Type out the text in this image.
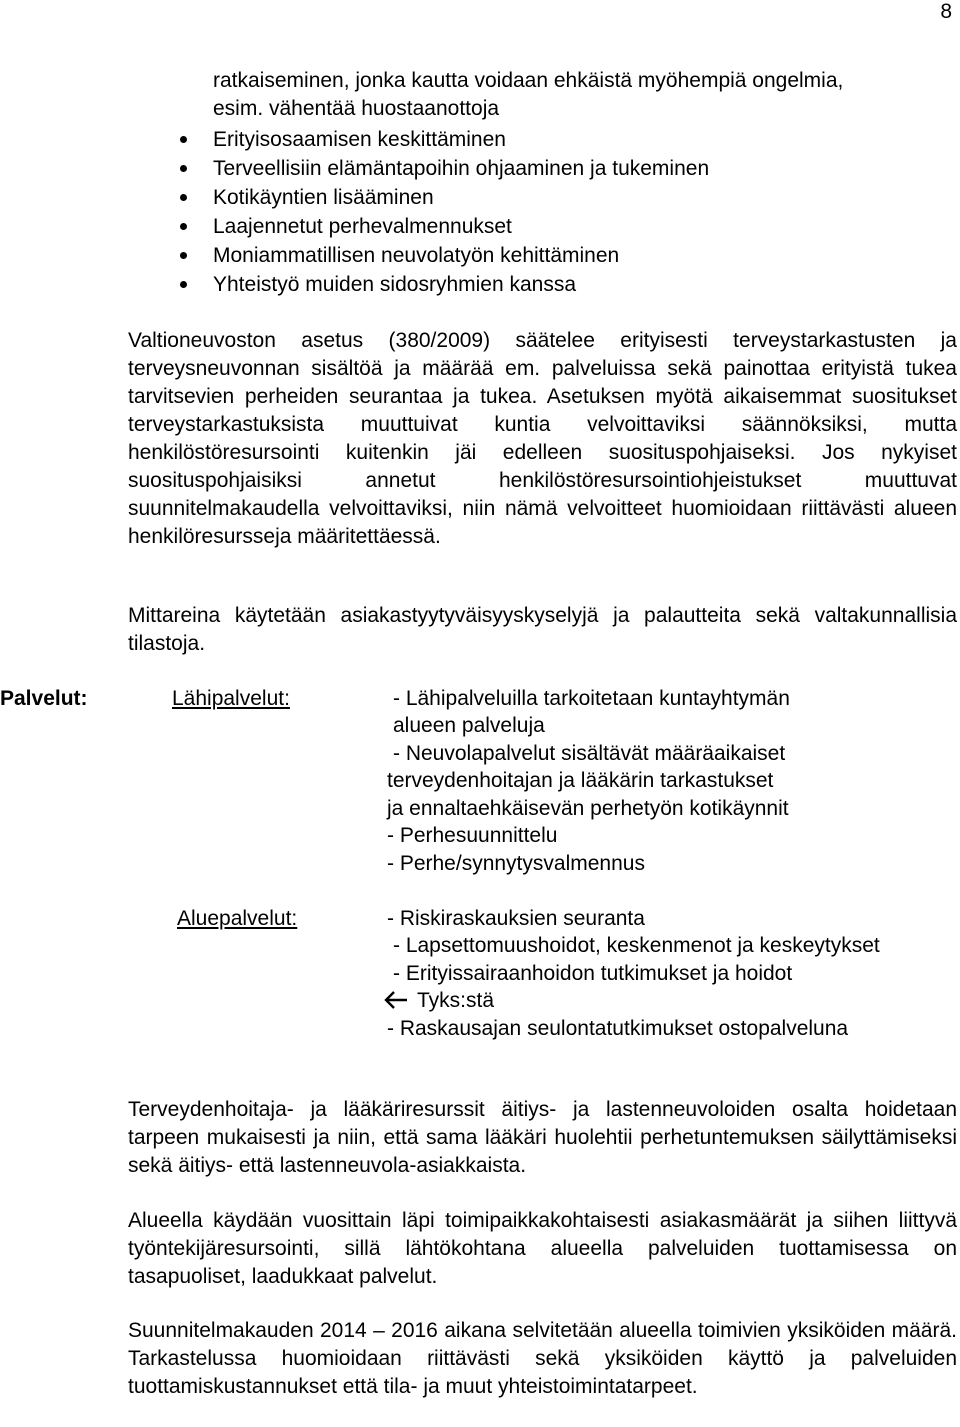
8
ratkaiseminen, jonka kautta voidaan ehkäistä myöhempiä ongelmia,
esim. vähentää huostaanottoja
Erityisosaamisen keskittäminen
Terveellisiin elämäntapoihin ohjaaminen ja tukeminen
Kotikäyntien lisääminen
Laajennetut perhevalmennukset
Moniammatillisen neuvolatyön kehittäminen
Yhteistyö muiden sidosryhmien kanssa

Valtioneuvoston asetus (380/2009) säätelee erityisesti terveystarkastusten ja terveysneuvonnan sisältöä ja määrää em. palveluissa sekä painottaa erityistä tukea tarvitsevien perheiden seurantaa ja tukea. Asetuksen myötä aikaisemmat suositukset terveystarkastuksista muuttuivat kuntia velvoittaviksi säännöksiksi, mutta henkilöstöresursointi kuitenkin jäi edelleen suosituspohjaiseksi. Jos nykyiset suosituspohjaisiksi annetut henkilöstöresursointiohjeistukset muuttuvat suunnitelmakaudella velvoittaviksi, niin nämä velvoitteet huomioidaan riittävästi alueen henkilöresursseja määritettäessä.

Mittareina käytetään asiakastyytyväisyyskyselyjä ja palautteita sekä valtakunnallisia tilastoja.

Palvelut:	Lähipalvelut:	- Lähipalveluilla tarkoitetaan kuntayhtymän
alueen palveluja
- Neuvolapalvelut sisältävät määräaikaiset
terveydenhoitajan ja lääkärin tarkastukset
ja ennaltaehkäisevän perhetyön kotikäynnit
- Perhesuunnittelu
- Perhe/synnytysvalmennus
Aluepalvelut:	- Riskiraskauksien seuranta
- Lapsettomuushoidot, keskenmenot ja keskeytykset
- Erityissairaanhoidon tutkimukset ja hoidot
Tyks:stä
- Raskausajan seulontatutkimukset ostopalveluna

Terveydenhoitaja- ja lääkäriresurssit äitiys- ja lastenneuvoloiden osalta hoidetaan tarpeen mukaisesti ja niin, että sama lääkäri huolehtii perhetuntemuksen säilyttämiseksi sekä äitiys- että lastenneuvola-asiakkaista.

Alueella käydään vuosittain läpi toimipaikkakohtaisesti asiakasmäärät ja siihen liittyvä työntekijäresursointi, sillä lähtökohtana alueella palveluiden tuottamisessa on tasapuoliset, laadukkaat palvelut.

Suunnitelmakauden 2014 – 2016 aikana selvitetään alueella toimivien yksiköiden määrä. Tarkastelussa huomioidaan riittävästi sekä yksiköiden käyttö ja palveluiden tuottamiskustannukset että tila- ja muut yhteistoimintatarpeet.
